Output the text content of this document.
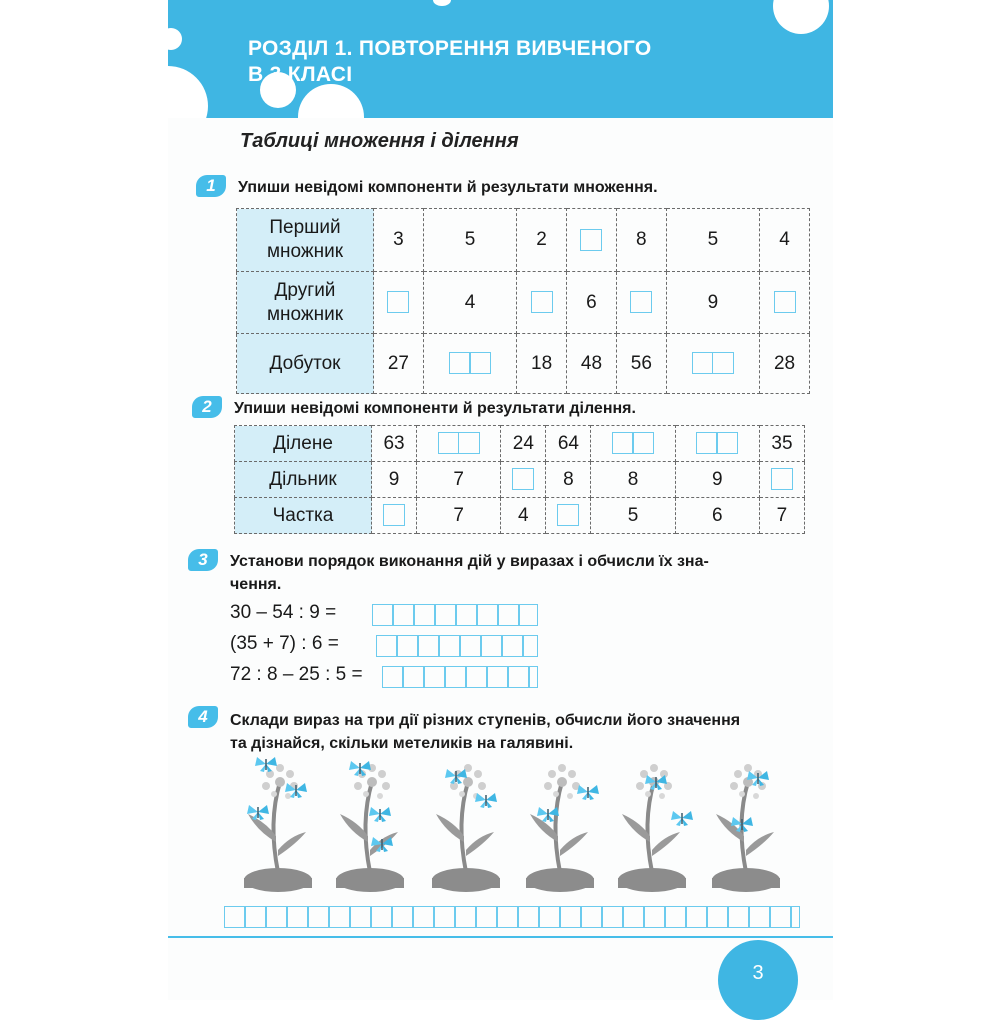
РОЗДІЛ 1. ПОВТОРЕННЯ ВИВЧЕНОГО
В 3 КЛАСІ
Таблиці множення і ділення
1	Упиши невідомі компоненти й результати множення.
Перший
множник	3	5	2		8	5	4

Другий
множник		4		6		9	

Добуток	27		18	48	56		28
2	Упиши невідомі компоненти й результати ділення.
Ділене	63		24	64			35
Дільник	9	7		8	8	9	
Частка		7	4		5	6	7
3	Установи порядок виконання дій у виразах і обчисли їх зна-
чення.
30 – 54 : 9 =
(35 + 7) : 6 =
72 : 8 – 25 : 5 =
4	Склади вираз на три дії різних ступенів, обчисли його значення
та дізнайся, скільки метеликів на галявині.
3
